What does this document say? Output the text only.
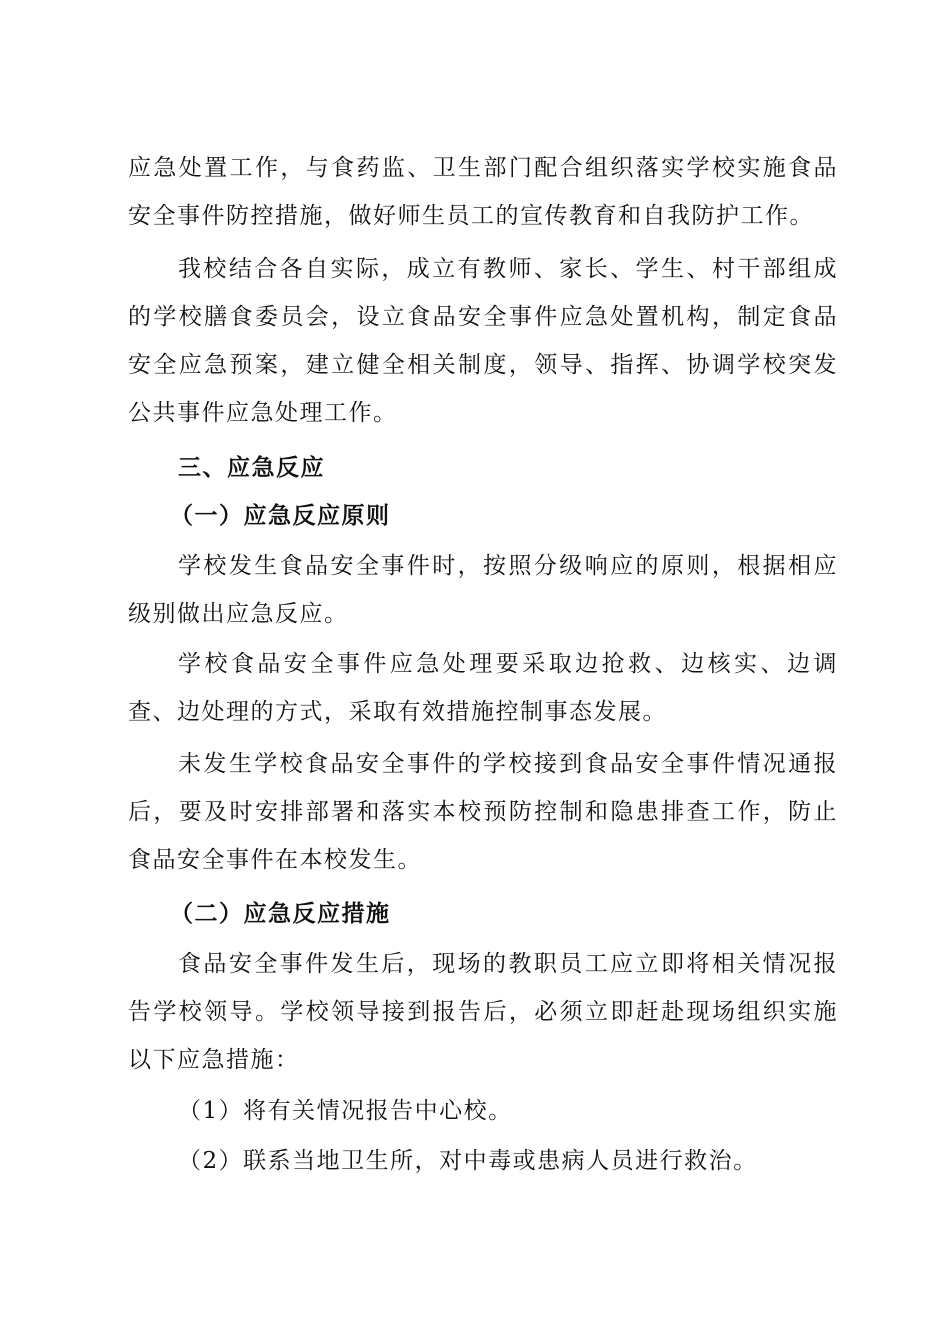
应急处置工作，与食药监、卫生部门配合组织落实学校实施食品安全事件防控措施，做好师生员工的宣传教育和自我防护工作。

我校结合各自实际，成立有教师、家长、学生、村干部组成的学校膳食委员会，设立食品安全事件应急处置机构，制定食品安全应急预案，建立健全相关制度，领导、指挥、协调学校突发公共事件应急处理工作。

三、应急反应
（一）应急反应原则

学校发生食品安全事件时，按照分级响应的原则，根据相应级别做出应急反应。

学校食品安全事件应急处理要采取边抢救、边核实、边调查、边处理的方式，采取有效措施控制事态发展。

未发生学校食品安全事件的学校接到食品安全事件情况通报后，要及时安排部署和落实本校预防控制和隐患排查工作，防止食品安全事件在本校发生。

（二）应急反应措施

食品安全事件发生后，现场的教职员工应立即将相关情况报告学校领导。学校领导接到报告后，必须立即赶赴现场组织实施以下应急措施：

（1）将有关情况报告中心校。

（2）联系当地卫生所，对中毒或患病人员进行救治。
